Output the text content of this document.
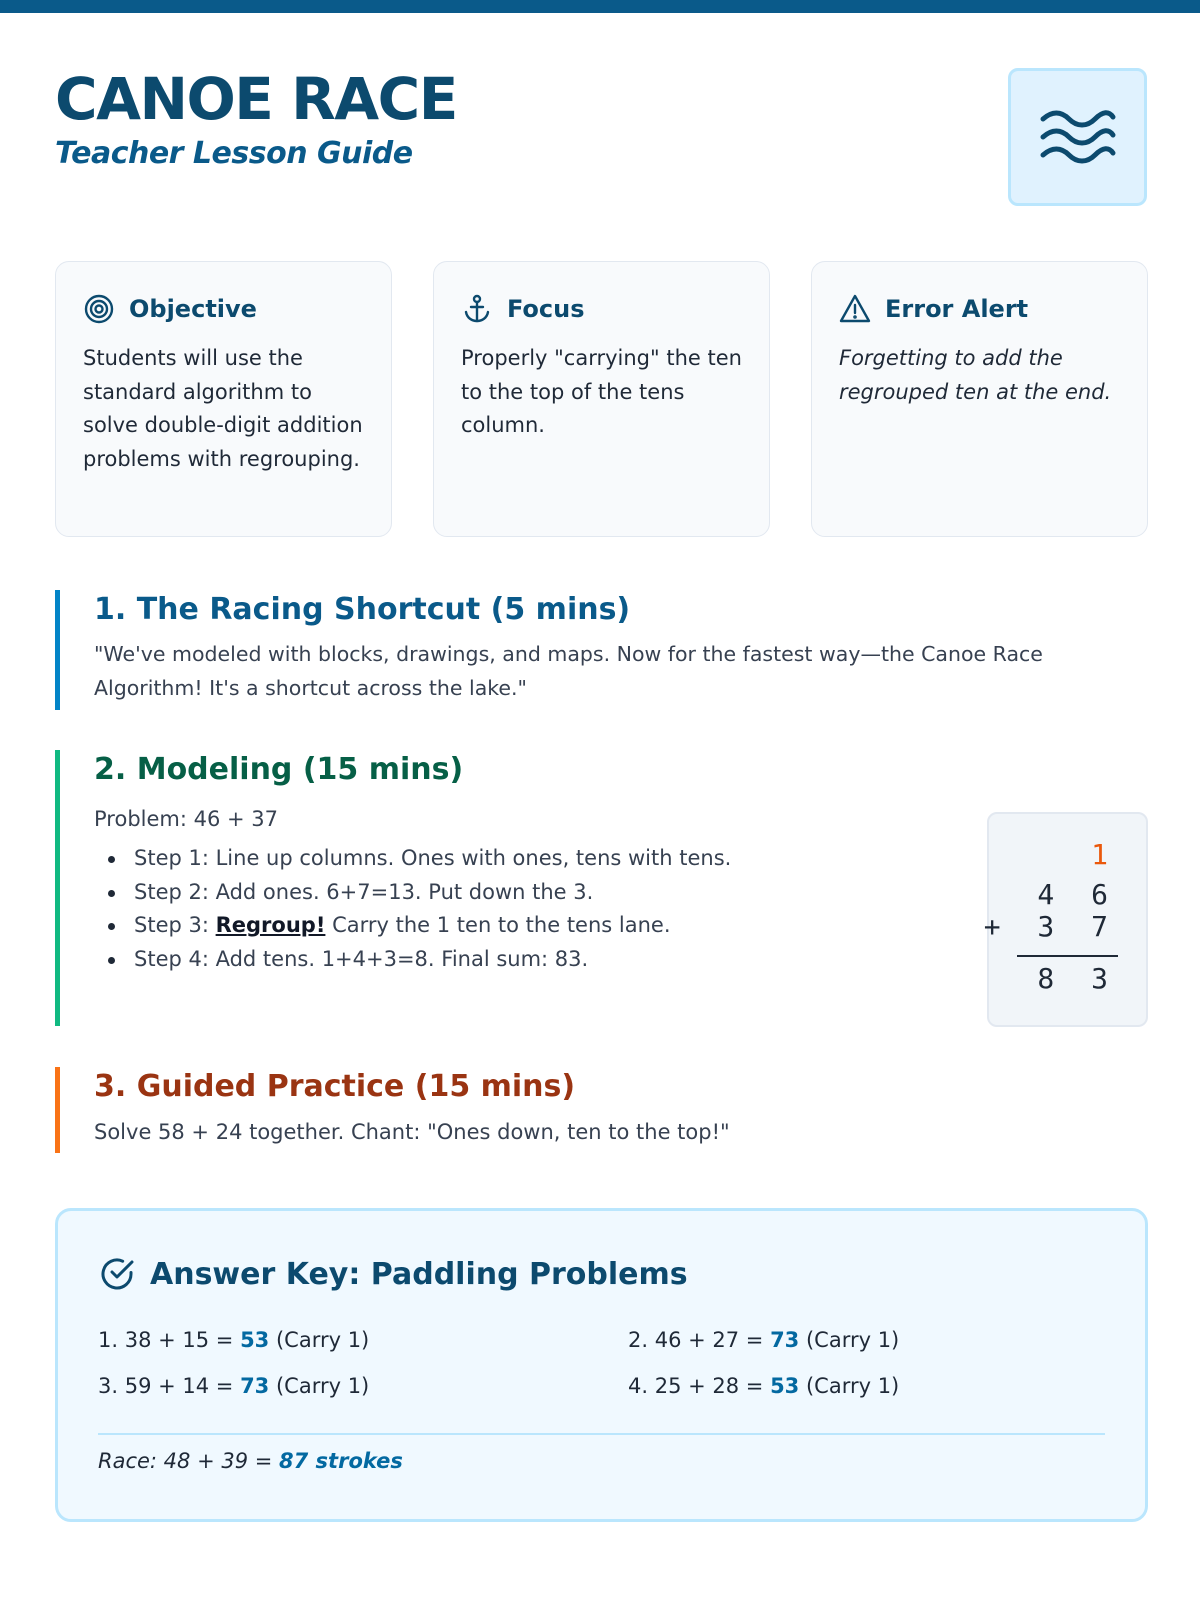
CANOE RACE
Teacher Lesson Guide
Objective
Students will use the standard algorithm to solve double-digit addition problems with regrouping.
Focus
Properly "carrying" the ten to the top of the tens column.
Error Alert
Forgetting to add the regrouped ten at the end.
1. The Racing Shortcut (5 mins)
"We've modeled with blocks, drawings, and maps. Now for the fastest way—the Canoe Race Algorithm! It's a shortcut across the lake."
2. Modeling (15 mins)
Problem: 46 + 37
Step 1: Line up columns. Ones with ones, tens with tens.
Step 2: Add ones. 6+7=13. Put down the 3.
Step 3: Regroup! Carry the 1 ten to the tens lane.
Step 4: Add tens. 1+4+3=8. Final sum: 83.
1
4 6
+ 3 7
8 3
3. Guided Practice (15 mins)
Solve 58 + 24 together. Chant: "Ones down, ten to the top!"
Answer Key: Paddling Problems
1. 38 + 15 = 53 (Carry 1)	2. 46 + 27 = 73 (Carry 1)
3. 59 + 14 = 73 (Carry 1)	4. 25 + 28 = 53 (Carry 1)
Race: 48 + 39 = 87 strokes
